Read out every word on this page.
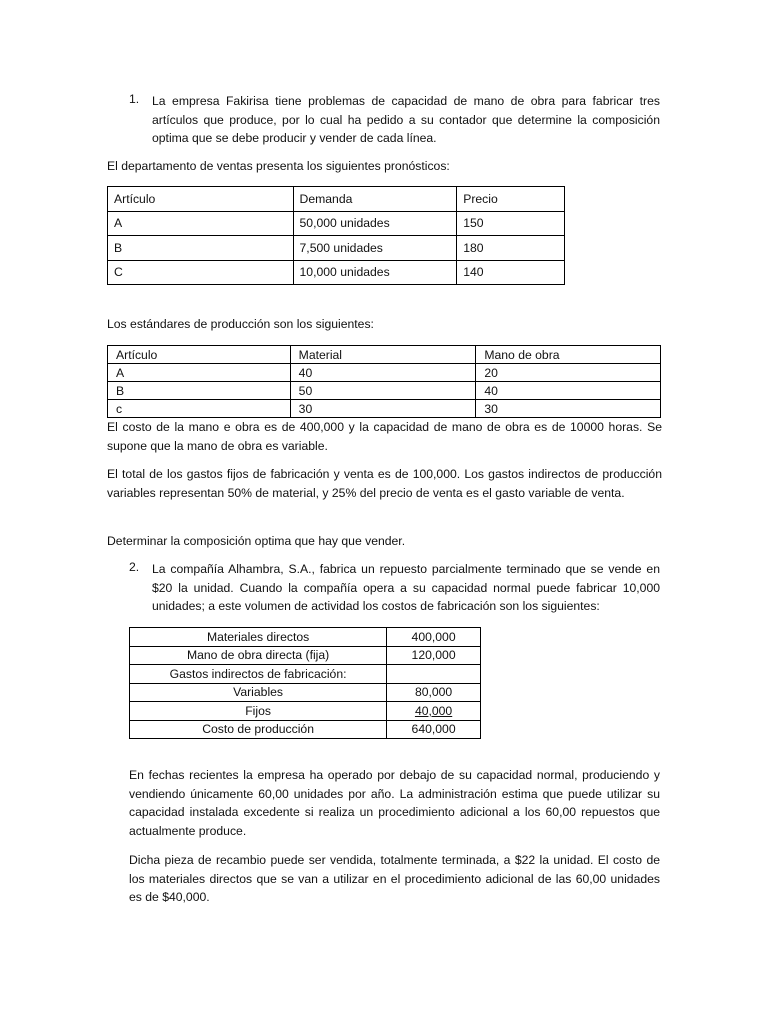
1. La empresa Fakirisa tiene problemas de capacidad de mano de obra para fabricar tres artículos que produce, por lo cual ha pedido a su contador que determine la composición optima que se debe producir y vender de cada línea.

El departamento de ventas presenta los siguientes pronósticos:

Artículo	Demanda	Precio
A	50,000 unidades	150
B	7,500 unidades	180
C	10,000 unidades	140

Los estándares de producción son los siguientes:

Artículo	Material	Mano de obra
A	40	20
B	50	40
c	30	30

El costo de la mano e obra es de 400,000 y la capacidad de mano de obra es de 10000 horas. Se supone que la mano de obra es variable.

El total de los gastos fijos de fabricación y venta es de 100,000. Los gastos indirectos de producción variables representan 50% de material, y 25% del precio de venta es el gasto variable de venta.

Determinar la composición optima que hay que vender.

2. La compañía Alhambra, S.A., fabrica un repuesto parcialmente terminado que se vende en $20 la unidad. Cuando la compañía opera a su capacidad normal puede fabricar 10,000 unidades; a este volumen de actividad los costos de fabricación son los siguientes:

Materiales directos	400,000
Mano de obra directa (fija)	120,000
Gastos indirectos de fabricación:	
Variables	80,000
Fijos	40,000
Costo de producción	640,000

En fechas recientes la empresa ha operado por debajo de su capacidad normal, produciendo y vendiendo únicamente 60,00 unidades por año. La administración estima que puede utilizar su capacidad instalada excedente si realiza un procedimiento adicional a los 60,00 repuestos que actualmente produce.

Dicha pieza de recambio puede ser vendida, totalmente terminada, a $22 la unidad. El costo de los materiales directos que se van a utilizar en el procedimiento adicional de las 60,00 unidades es de $40,000.
